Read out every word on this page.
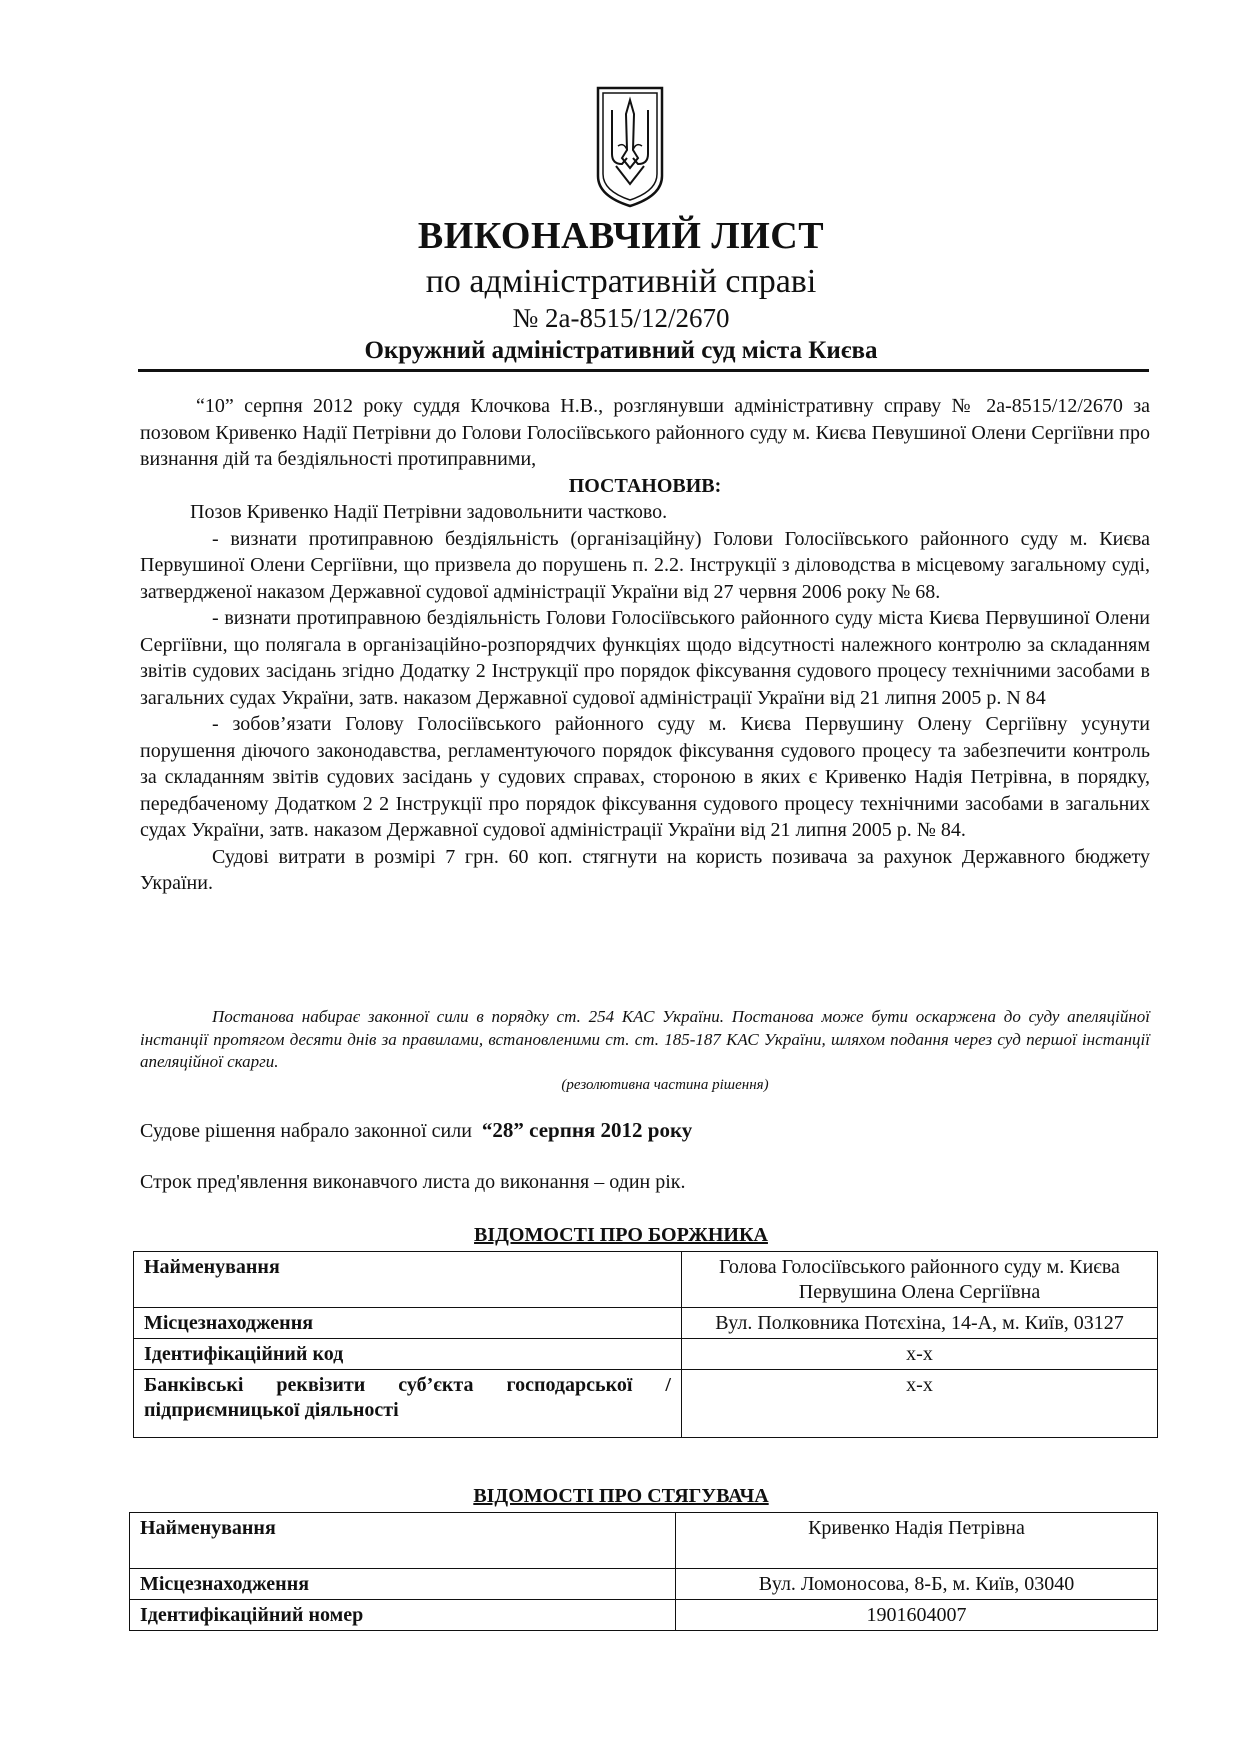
ВИКОНАВЧИЙ ЛИСТ
по адміністративній справі
№ 2а-8515/12/2670
Окружний адміністративний суд міста Києва
“10” серпня 2012 року суддя Клочкова Н.В., розглянувши адміністративну справу № 2а-8515/12/2670 за позовом Кривенко Надії Петрівни до Голови Голосіївського районного суду м. Києва Певушиної Олени Сергіївни про визнання дій та бездіяльності протиправними,
ПОСТАНОВИВ:
Позов Кривенко Надії Петрівни задовольнити частково.
- визнати протиправною бездіяльність (організаційну) Голови Голосіївського районного суду м. Києва Первушиної Олени Сергіївни, що призвела до порушень п. 2.2. Інструкції з діловодства в місцевому загальному суді, затвердженої наказом Державної судової адміністрації України від 27 червня 2006 року № 68.
- визнати протиправною бездіяльність Голови Голосіївського районного суду міста Києва Первушиної Олени Сергіївни, що полягала в організаційно-розпорядчих функціях щодо відсутності належного контролю за складанням звітів судових засідань згідно Додатку 2 Інструкції про порядок фіксування судового процесу технічними засобами в загальних судах України, затв. наказом Державної судової адміністрації України від 21 липня 2005 р. N 84
- зобов’язати Голову Голосіївського районного суду м. Києва Первушину Олену Сергіївну усунути порушення діючого законодавства, регламентуючого порядок фіксування судового процесу та забезпечити контроль за складанням звітів судових засідань у судових справах, стороною в яких є Кривенко Надія Петрівна, в порядку, передбаченому Додатком 2 2 Інструкції про порядок фіксування судового процесу технічними засобами в загальних судах України, затв. наказом Державної судової адміністрації України від 21 липня 2005 р. № 84.
Судові витрати в розмірі 7 грн. 60 коп. стягнути на користь позивача за рахунок Державного бюджету України.
Постанова набирає законної сили в порядку ст. 254 КАС України. Постанова може бути оскаржена до суду апеляційної інстанції протягом десяти днів за правилами, встановленими ст. ст. 185-187 КАС України, шляхом подання через суд першої інстанції апеляційної скарги.
(резолютивна частина рішення)
Судове рішення набрало законної сили “28” серпня 2012 року
Строк пред'явлення виконавчого листа до виконання – один рік.
ВІДОМОСТІ ПРО БОРЖНИКА
Найменування	Голова Голосіївського районного суду м. Києва Первушина Олена Сергіївна
Місцезнаходження	Вул. Полковника Потєхіна, 14-А, м. Київ, 03127
Ідентифікаційний код	х-х
Банківські реквізити суб’єкта господарської /підприємницької діяльності	х-х
ВІДОМОСТІ ПРО СТЯГУВАЧА
Найменування	Кривенко Надія Петрівна
Місцезнаходження	Вул. Ломоносова, 8-Б, м. Київ, 03040
Ідентифікаційний номер	1901604007
